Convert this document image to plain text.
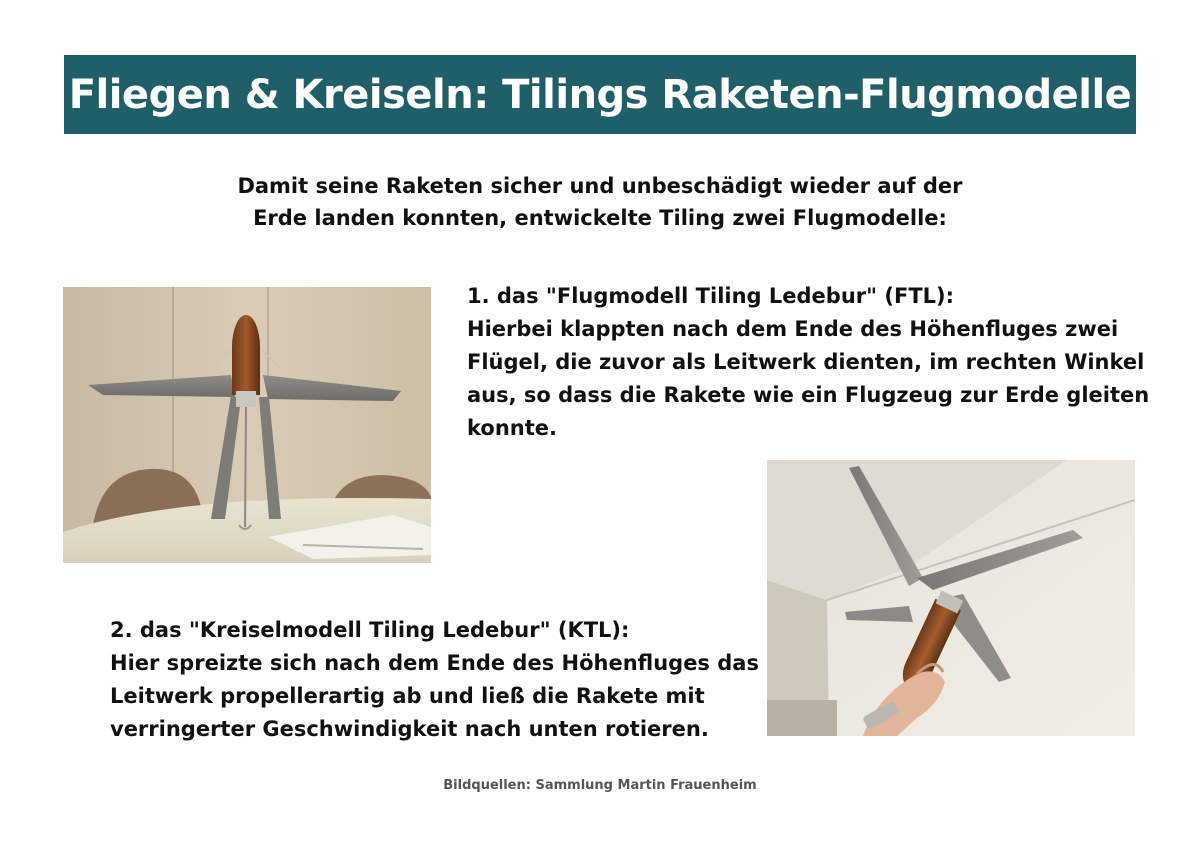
Fliegen & Kreiseln: Tilings Raketen-Flugmodelle
Damit seine Raketen sicher und unbeschädigt wieder auf der
Erde landen konnten, entwickelte Tiling zwei Flugmodelle:
1. das "Flugmodell Tiling Ledebur" (FTL):
Hierbei klappten nach dem Ende des Höhenfluges zwei
Flügel, die zuvor als Leitwerk dienten, im rechten Winkel
aus, so dass die Rakete wie ein Flugzeug zur Erde gleiten
konnte.
2. das "Kreiselmodell Tiling Ledebur" (KTL):
Hier spreizte sich nach dem Ende des Höhenfluges das
Leitwerk propellerartig ab und ließ die Rakete mit
verringerter Geschwindigkeit nach unten rotieren.
Bildquellen: Sammlung Martin Frauenheim
